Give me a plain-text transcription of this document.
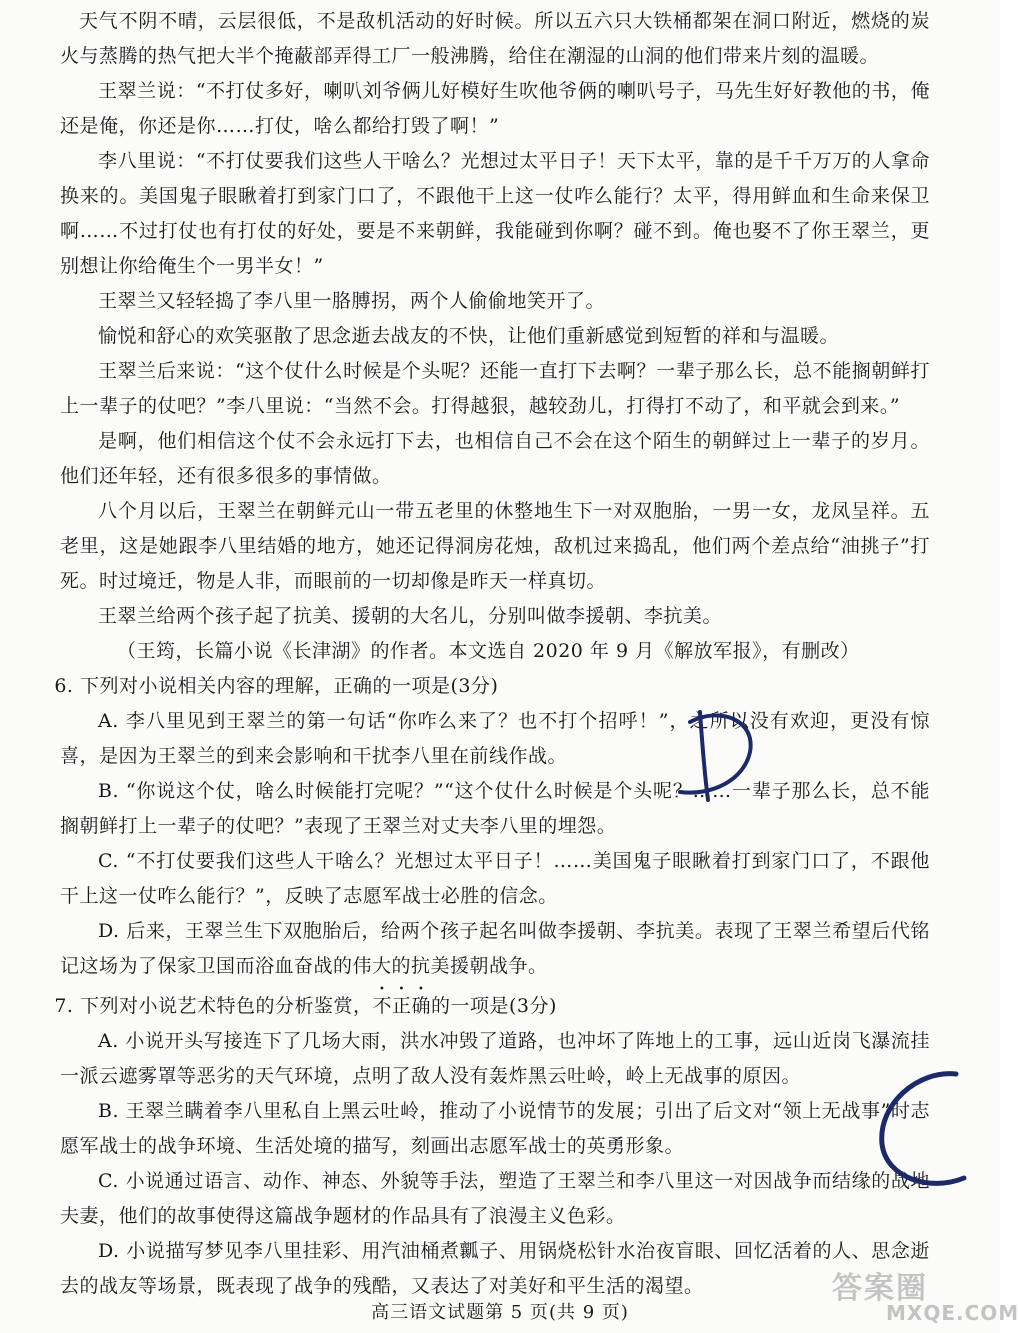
天气不阴不晴，云层很低，不是敌机活动的好时候。所以五六只大铁桶都架在洞口附近，燃烧的炭火与蒸腾的热气把大半个掩蔽部弄得工厂一般沸腾，给住在潮湿的山洞的他们带来片刻的温暖。

王翠兰说：“不打仗多好，喇叭刘爷俩儿好模好生吹他爷俩的喇叭号子，马先生好好教他的书，俺还是俺，你还是你……打仗，啥么都给打毁了啊！”

李八里说：“不打仗要我们这些人干啥么？光想过太平日子！天下太平，靠的是千千万万的人拿命换来的。美国鬼子眼瞅着打到家门口了，不跟他干上这一仗咋么能行？太平，得用鲜血和生命来保卫啊……不过打仗也有打仗的好处，要是不来朝鲜，我能碰到你啊？碰不到。俺也娶不了你王翠兰，更别想让你给俺生个一男半女！”

王翠兰又轻轻捣了李八里一胳膊拐，两个人偷偷地笑开了。

愉悦和舒心的欢笑驱散了思念逝去战友的不快，让他们重新感觉到短暂的祥和与温暖。

王翠兰后来说：“这个仗什么时候是个头呢？还能一直打下去啊？一辈子那么长，总不能搁朝鲜打上一辈子的仗吧？”李八里说：“当然不会。打得越狠，越较劲儿，打得打不动了，和平就会到来。”

是啊，他们相信这个仗不会永远打下去，也相信自己不会在这个陌生的朝鲜过上一辈子的岁月。他们还年轻，还有很多很多的事情做。

八个月以后，王翠兰在朝鲜元山一带五老里的休整地生下一对双胞胎，一男一女，龙凤呈祥。五老里，这是她跟李八里结婚的地方，她还记得洞房花烛，敌机过来捣乱，他们两个差点给“油挑子”打死。时过境迁，物是人非，而眼前的一切却像是昨天一样真切。

王翠兰给两个孩子起了抗美、援朝的大名儿，分别叫做李援朝、李抗美。

（王筠，长篇小说《长津湖》的作者。本文选自 2020 年 9 月《解放军报》，有删改）

6. 下列对小说相关内容的理解，正确的一项是(3分)

A. 李八里见到王翠兰的第一句话“你咋么来了？也不打个招呼！”，之所以没有欢迎，更没有惊喜，是因为王翠兰的到来会影响和干扰李八里在前线作战。

B. “你说这个仗，啥么时候能打完呢？”“这个仗什么时候是个头呢？……一辈子那么长，总不能搁朝鲜打上一辈子的仗吧？”表现了王翠兰对丈夫李八里的埋怨。

C. “不打仗要我们这些人干啥么？光想过太平日子！……美国鬼子眼瞅着打到家门口了，不跟他干上这一仗咋么能行？”，反映了志愿军战士必胜的信念。

D. 后来，王翠兰生下双胞胎后，给两个孩子起名叫做李援朝、李抗美。表现了王翠兰希望后代铭记这场为了保家卫国而浴血奋战的伟大的抗美援朝战争。

7. 下列对小说艺术特色的分析鉴赏，不正确的一项是(3分)

A. 小说开头写接连下了几场大雨，洪水冲毁了道路，也冲坏了阵地上的工事，远山近岗飞瀑流挂一派云遮雾罩等恶劣的天气环境，点明了敌人没有轰炸黑云吐岭，岭上无战事的原因。

B. 王翠兰瞒着李八里私自上黑云吐岭，推动了小说情节的发展；引出了后文对“领上无战事”时志愿军战士的战争环境、生活处境的描写，刻画出志愿军战士的英勇形象。

C. 小说通过语言、动作、神态、外貌等手法，塑造了王翠兰和李八里这一对因战争而结缘的战地夫妻，他们的故事使得这篇战争题材的作品具有了浪漫主义色彩。

D. 小说描写梦见李八里挂彩、用汽油桶煮瓤子、用锅烧松针水治夜盲眼、回忆活着的人、思念逝去的战友等场景，既表现了战争的残酷，又表达了对美好和平生活的渴望。

高三语文试题第 5 页(共 9 页)
答案圈
MXQE.COM
